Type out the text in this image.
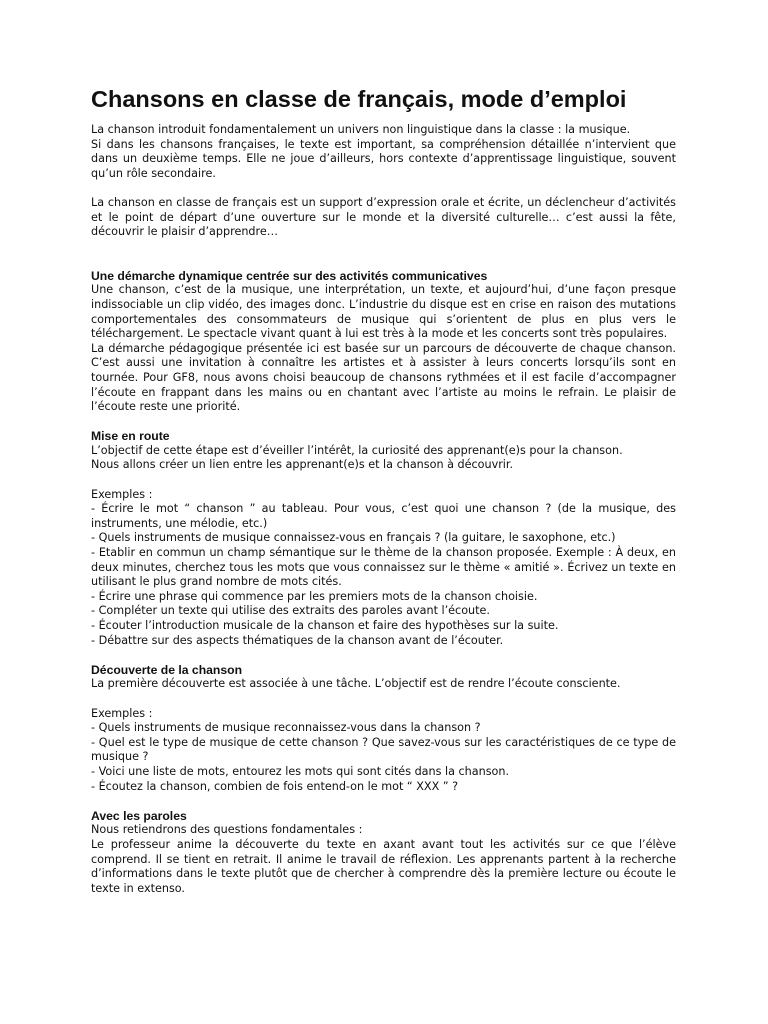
Chansons en classe de français, mode d’emploi

La chanson introduit fondamentalement un univers non linguistique dans la classe : la musique.

Si dans les chansons françaises, le texte est important, sa compréhension détaillée n’intervient que dans un deuxième temps. Elle ne joue d’ailleurs, hors contexte d’apprentissage linguistique, souvent qu’un rôle secondaire.

La chanson en classe de français est un support d’expression orale et écrite, un déclencheur d’activités et le point de départ d’une ouverture sur le monde et la diversité culturelle… c’est aussi la fête, découvrir le plaisir d’apprendre…

Une démarche dynamique centrée sur des activités communicatives

Une chanson, c’est de la musique, une interprétation, un texte, et aujourd’hui, d’une façon presque indissociable un clip vidéo, des images donc. L’industrie du disque est en crise en raison des mutations comportementales des consommateurs de musique qui s’orientent de plus en plus vers le téléchargement. Le spectacle vivant quant à lui est très à la mode et les concerts sont très populaires.

La démarche pédagogique présentée ici est basée sur un parcours de découverte de chaque chanson. C’est aussi une invitation à connaître les artistes et à assister à leurs concerts lorsqu’ils sont en tournée. Pour GF8, nous avons choisi beaucoup de chansons rythmées et il est facile d’accompagner l’écoute en frappant dans les mains ou en chantant avec l’artiste au moins le refrain. Le plaisir de l’écoute reste une priorité.

Mise en route

L’objectif de cette étape est d’éveiller l’intérêt, la curiosité des apprenant(e)s pour la chanson.

Nous allons créer un lien entre les apprenant(e)s et la chanson à découvrir.

Exemples :

- Écrire le mot “ chanson ” au tableau. Pour vous, c’est quoi une chanson ? (de la musique, des instruments, une mélodie, etc.)

- Quels instruments de musique connaissez-vous en français ? (la guitare, le saxophone, etc.)

- Etablir en commun un champ sémantique sur le thème de la chanson proposée. Exemple : À deux, en deux minutes, cherchez tous les mots que vous connaissez sur le thème « amitié ». Écrivez un texte en utilisant le plus grand nombre de mots cités.

- Écrire une phrase qui commence par les premiers mots de la chanson choisie.

- Compléter un texte qui utilise des extraits des paroles avant l’écoute.

- Écouter l’introduction musicale de la chanson et faire des hypothèses sur la suite.

- Débattre sur des aspects thématiques de la chanson avant de l’écouter.

Découverte de la chanson

La première découverte est associée à une tâche. L’objectif est de rendre l’écoute consciente.

Exemples :

- Quels instruments de musique reconnaissez-vous dans la chanson ?

- Quel est le type de musique de cette chanson ? Que savez-vous sur les caractéristiques de ce type de musique ?

- Voici une liste de mots, entourez les mots qui sont cités dans la chanson.

- Écoutez la chanson, combien de fois entend-on le mot “ XXX ” ?

Avec les paroles

Nous retiendrons des questions fondamentales :

Le professeur anime la découverte du texte en axant avant tout les activités sur ce que l’élève comprend. Il se tient en retrait. Il anime le travail de réflexion. Les apprenants partent à la recherche d’informations dans le texte plutôt que de chercher à comprendre dès la première lecture ou écoute le texte in extenso.
